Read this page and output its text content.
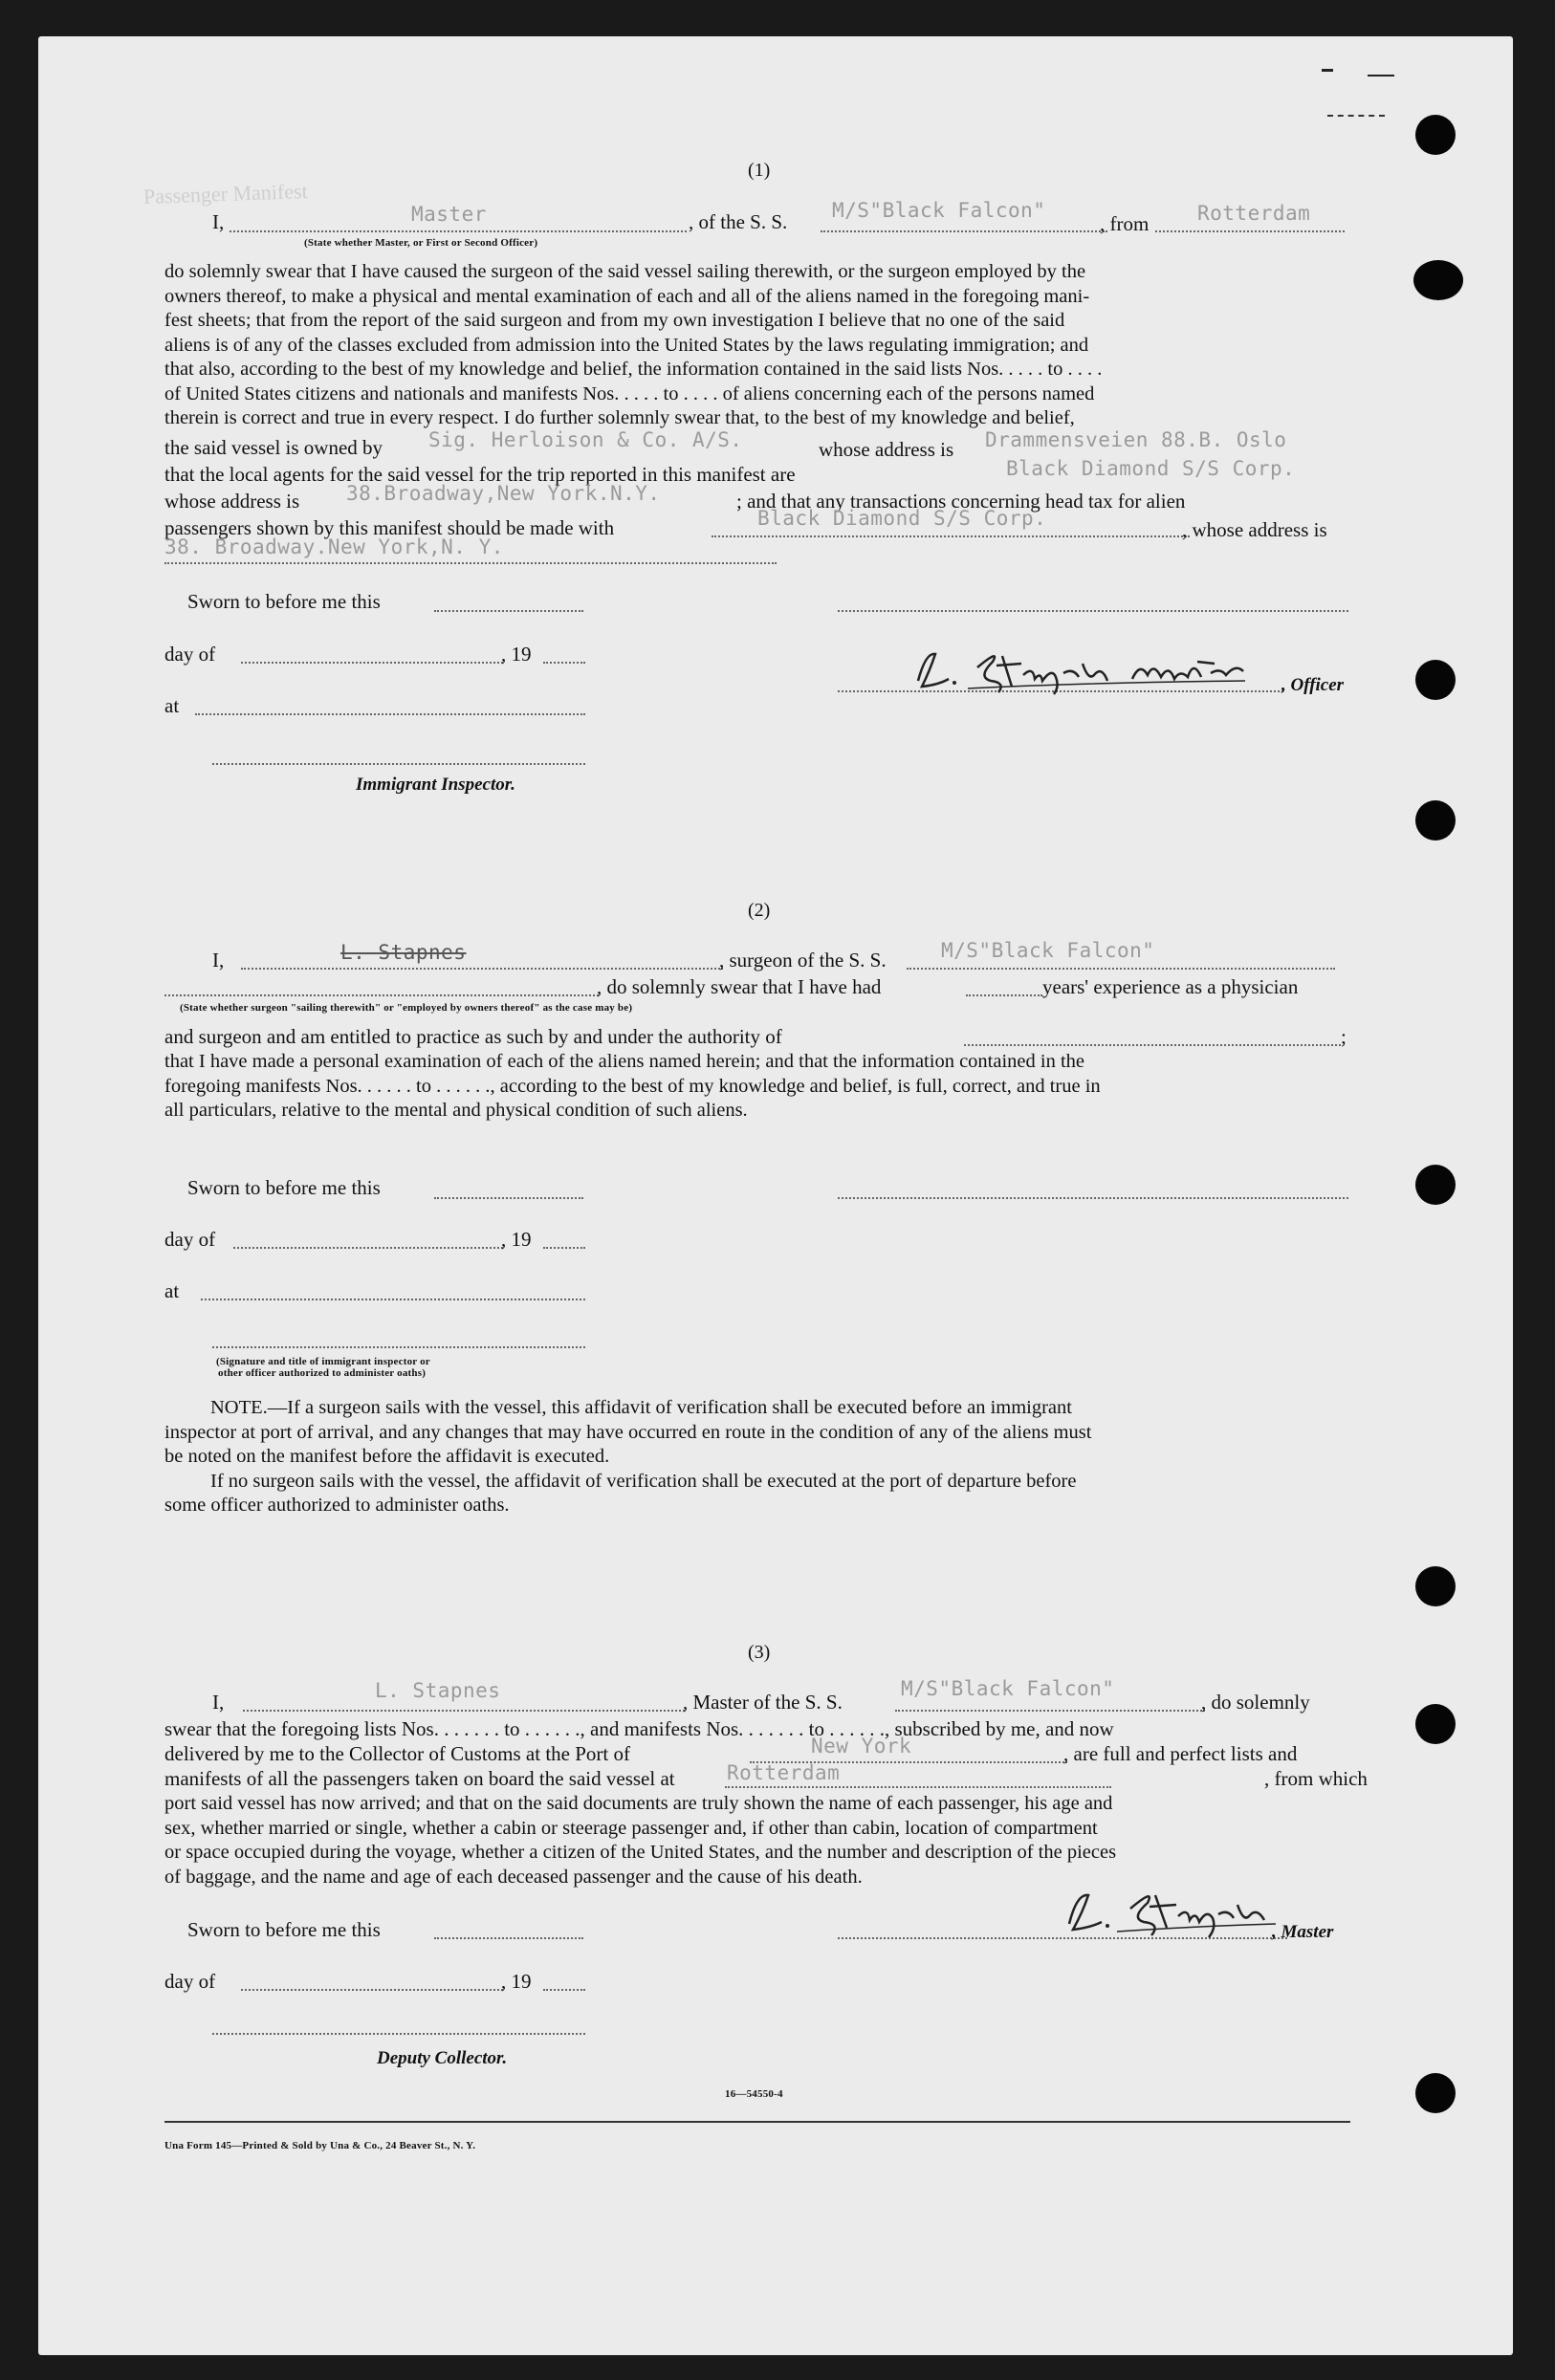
Passenger Manifest
(1)
I,	Master	, of the S. S. M/S"Black Falcon"
, from Rotterdam
(State whether Master, or First or Second Officer)

do solemnly swear that I have caused the surgeon of the said vessel sailing therewith, or the surgeon employed by the

owners thereof, to make a physical and mental examination of each and all of the aliens named in the foregoing mani-

fest sheets; that from the report of the said surgeon and from my own investigation I believe that no one of the said

aliens is of any of the classes excluded from admission into the United States by the laws regulating immigration; and

that also, according to the best of my knowledge and belief, the information contained in the said lists Nos. . . . . to . . . .

of United States citizens and nationals and manifests Nos. . . . . to . . . . of aliens concerning each of the persons named

therein is correct and true in every respect. I do further solemnly swear that, to the best of my knowledge and belief,

the said vessel is owned by Sig. Herloison & Co. A/S.	whose address is Drammensveien 88.B. Oslo
that the local agents for the said vessel for the trip reported in this manifest are	Black Diamond S/S Corp.
whose address is 38.Broadway,New York.N.Y.	; and that any transactions concerning head tax for alien
passengers shown by this manifest should be made with	Black Diamond S/S Corp.	, whose address is
38. Broadway.New York,N. Y.
Sworn to before me this
day of	, 19
, Officer
at
Immigrant Inspector.
(2)
I,	L. Stapnes	, surgeon of the S. S.	M/S"Black Falcon"
, do solemnly swear that I have had	years' experience as a physician
(State whether surgeon "sailing therewith" or "employed by owners thereof" as the case may be)
and surgeon and am entitled to practice as such by and under the authority of	;

that I have made a personal examination of each of the aliens named herein; and that the information contained in the

foregoing manifests Nos. . . . . . to . . . . . ., according to the best of my knowledge and belief, is full, correct, and true in

all particulars, relative to the mental and physical condition of such aliens.

Sworn to before me this
day of	, 19
at
(Signature and title of immigrant inspector or
other officer authorized to administer oaths)

NOTE.—If a surgeon sails with the vessel, this affidavit of verification shall be executed before an immigrant

inspector at port of arrival, and any changes that may have occurred en route in the condition of any of the aliens must

be noted on the manifest before the affidavit is executed.

If no surgeon sails with the vessel, the affidavit of verification shall be executed at the port of departure before

some officer authorized to administer oaths.

(3)
I,	L. Stapnes	, Master of the S. S.
M/S"Black Falcon"
, do solemnly
swear that the foregoing lists Nos. . . . . . . to . . . . . ., and manifests Nos. . . . . . . to . . . . . ., subscribed by me, and now
delivered by me to the Collector of Customs at the Port of	New York	, are full and perfect lists and
manifests of all the passengers taken on board the said vessel at	Rotterdam	, from which

port said vessel has now arrived; and that on the said documents are truly shown the name of each passenger, his age and

sex, whether married or single, whether a cabin or steerage passenger and, if other than cabin, location of compartment

or space occupied during the voyage, whether a citizen of the United States, and the number and description of the pieces

of baggage, and the name and age of each deceased passenger and the cause of his death.

Sworn to before me this	, Master
day of	, 19
Deputy Collector.
16—54550-4
Una Form 145—Printed & Sold by Una & Co., 24 Beaver St., N. Y.
